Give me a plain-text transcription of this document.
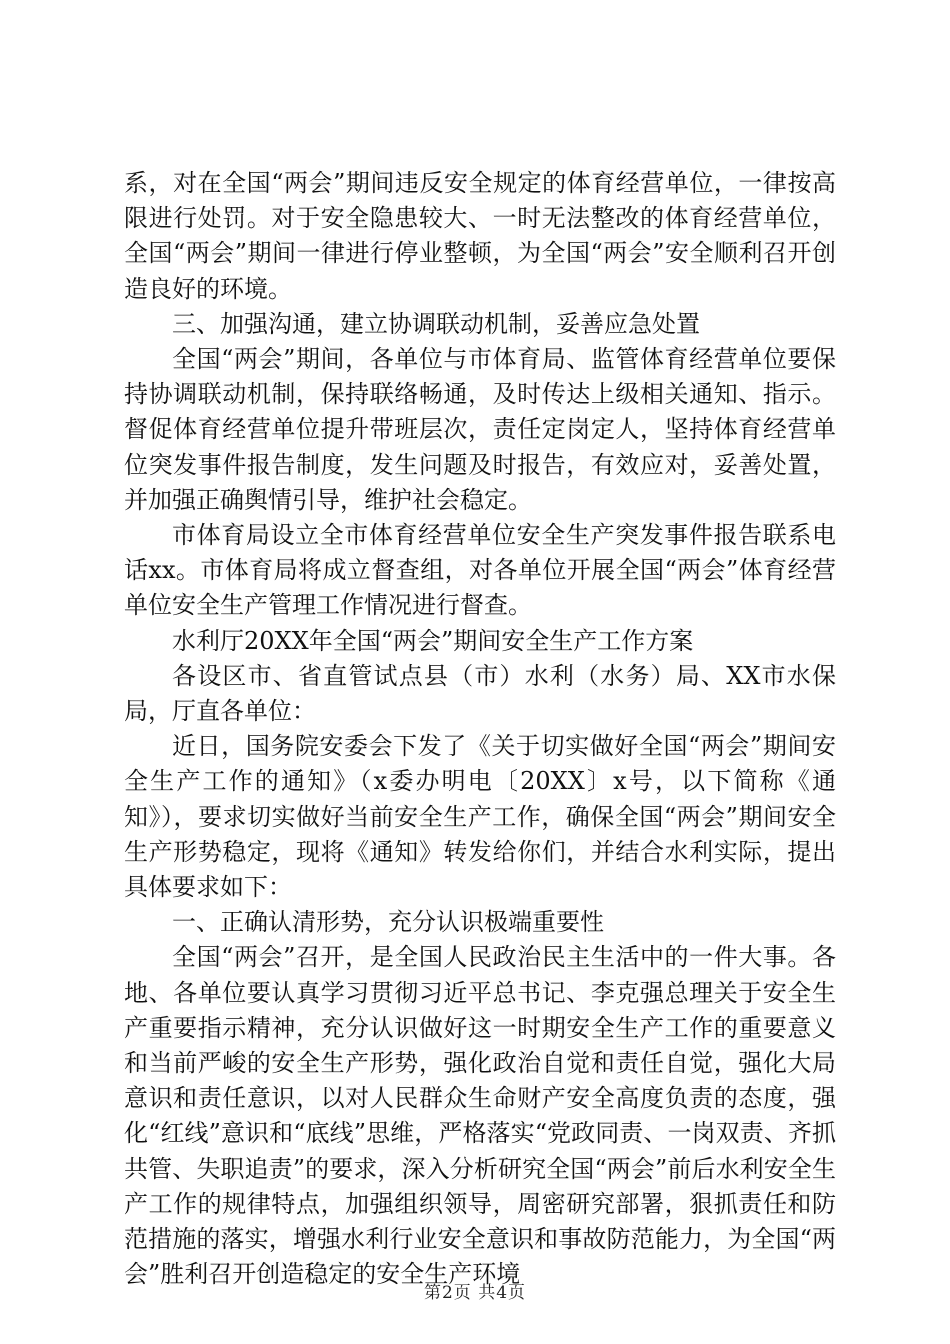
系，对在全国“两会”期间违反安全规定的体育经营单位，一律按高限进行处罚。对于安全隐患较大、一时无法整改的体育经营单位，全国“两会”期间一律进行停业整顿，为全国“两会”安全顺利召开创造良好的环境。

三、加强沟通，建立协调联动机制，妥善应急处置

全国“两会”期间，各单位与市体育局、监管体育经营单位要保持协调联动机制，保持联络畅通，及时传达上级相关通知、指示。督促体育经营单位提升带班层次，责任定岗定人，坚持体育经营单位突发事件报告制度，发生问题及时报告，有效应对，妥善处置，并加强正确舆情引导，维护社会稳定。

市体育局设立全市体育经营单位安全生产突发事件报告联系电话xx。市体育局将成立督查组，对各单位开展全国“两会”体育经营单位安全生产管理工作情况进行督查。

水利厅20XX年全国“两会”期间安全生产工作方案

各设区市、省直管试点县（市）水利（水务）局、XX市水保局，厅直各单位：

近日，国务院安委会下发了《关于切实做好全国“两会”期间安全生产工作的通知》（x委办明电〔20XX〕x号，以下简称《通知》），要求切实做好当前安全生产工作，确保全国“两会”期间安全生产形势稳定，现将《通知》转发给你们，并结合水利实际，提出具体要求如下：

一、正确认清形势，充分认识极端重要性

全国“两会”召开，是全国人民政治民主生活中的一件大事。各地、各单位要认真学习贯彻习近平总书记、李克强总理关于安全生产重要指示精神，充分认识做好这一时期安全生产工作的重要意义和当前严峻的安全生产形势，强化政治自觉和责任自觉，强化大局意识和责任意识，以对人民群众生命财产安全高度负责的态度，强化“红线”意识和“底线”思维，严格落实“党政同责、一岗双责、齐抓共管、失职追责”的要求，深入分析研究全国“两会”前后水利安全生产工作的规律特点，加强组织领导，周密研究部署，狠抓责任和防范措施的落实，增强水利行业安全意识和事故防范能力，为全国“两会”胜利召开创造稳定的安全生产环境

第2页 共4页
